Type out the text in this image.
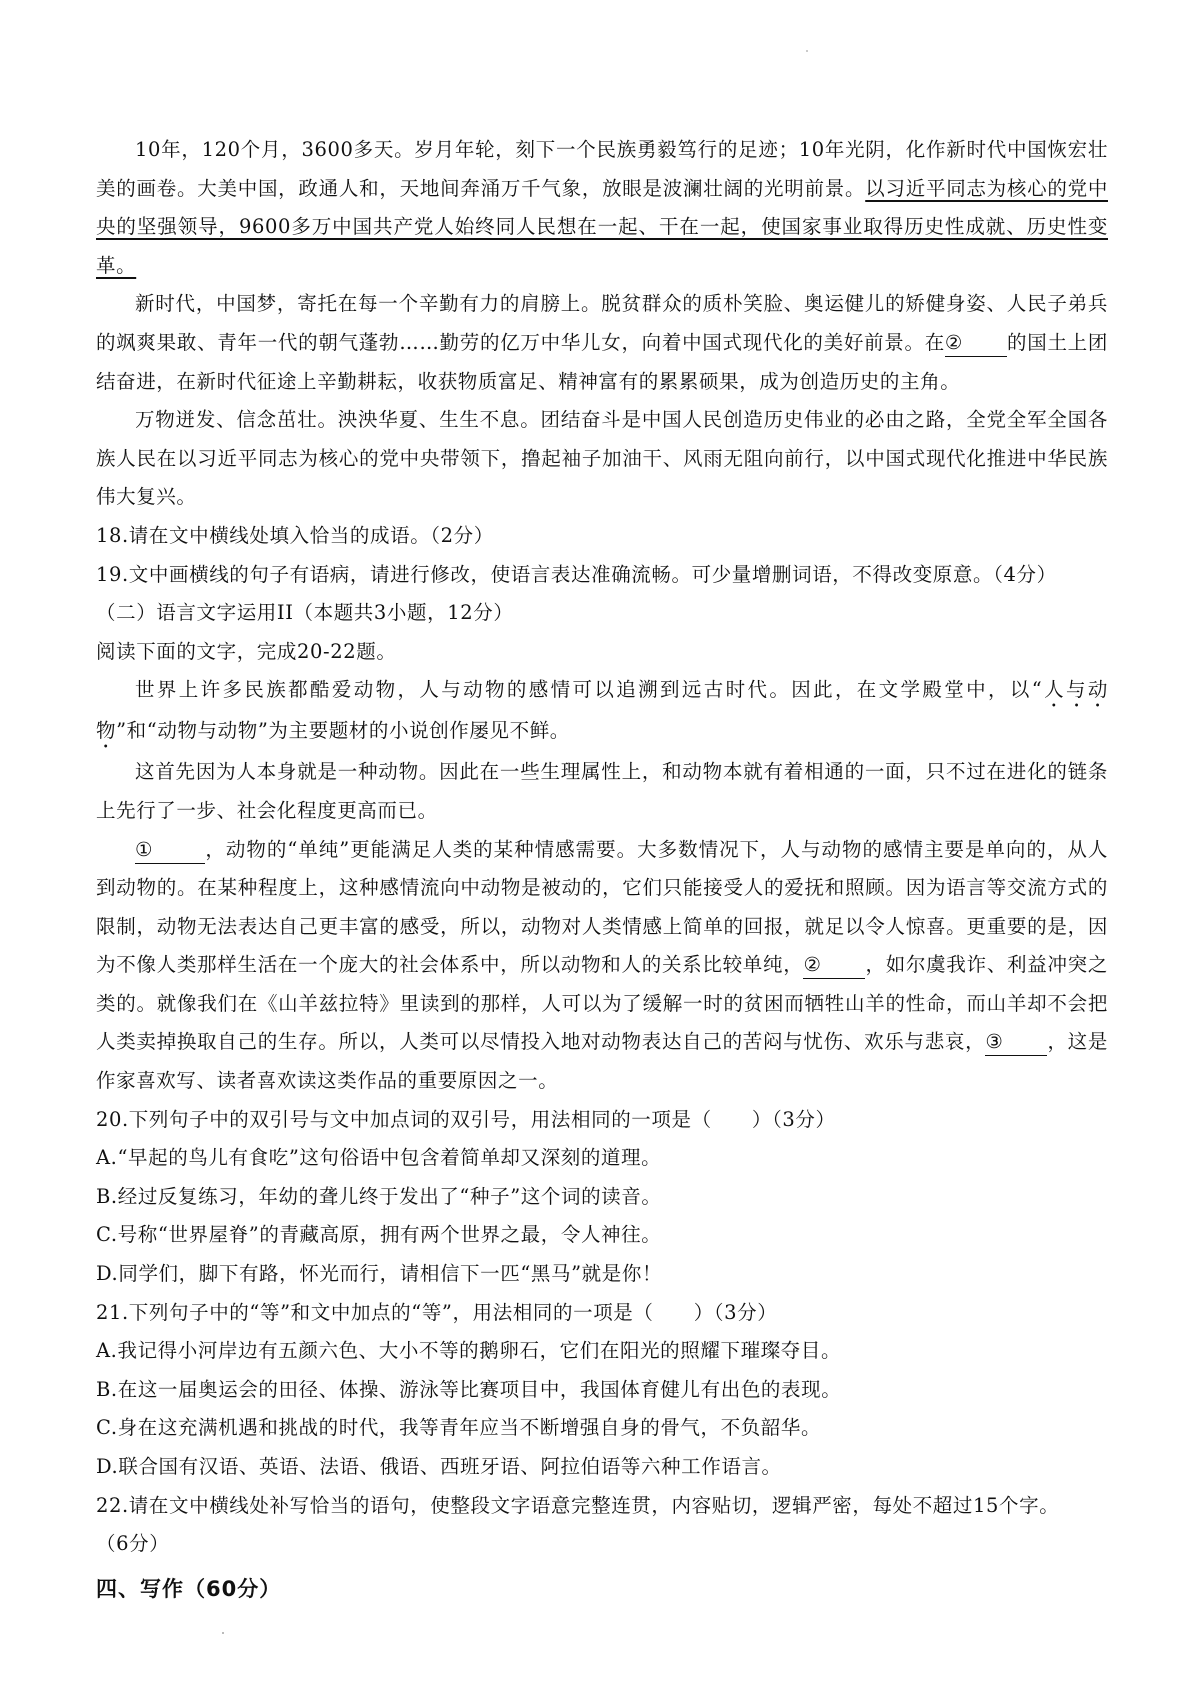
10年，120个月，3600多天。岁月年轮，刻下一个民族勇毅笃行的足迹；10年光阴，化作新时代中国恢宏壮美的画卷。大美中国，政通人和，天地间奔涌万千气象，放眼是波澜壮阔的光明前景。以习近平同志为核心的党中央的坚强领导，9600多万中国共产党人始终同人民想在一起、干在一起，使国家事业取得历史性成就、历史性变革。

新时代，中国梦，寄托在每一个辛勤有力的肩膀上。脱贫群众的质朴笑脸、奥运健儿的矫健身姿、人民子弟兵的飒爽果敢、青年一代的朝气蓬勃……勤劳的亿万中华儿女，向着中国式现代化的美好前景。在② 的国土上团结奋进，在新时代征途上辛勤耕耘，收获物质富足、精神富有的累累硕果，成为创造历史的主角。

万物迸发、信念茁壮。泱泱华夏、生生不息。团结奋斗是中国人民创造历史伟业的必由之路，全党全军全国各族人民在以习近平同志为核心的党中央带领下，撸起袖子加油干、风雨无阻向前行，以中国式现代化推进中华民族伟大复兴。

18.请在文中横线处填入恰当的成语。（2分）

19.文中画横线的句子有语病，请进行修改，使语言表达准确流畅。可少量增删词语，不得改变原意。（4分）

（二）语言文字运用II（本题共3小题，12分）

阅读下面的文字，完成20-22题。

世界上许多民族都酷爱动物，人与动物的感情可以追溯到远古时代。因此，在文学殿堂中，以“人与动物”和“动物与动物”为主要题材的小说创作屡见不鲜。

这首先因为人本身就是一种动物。因此在一些生理属性上，和动物本就有着相通的一面，只不过在进化的链条上先行了一步、社会化程度更高而已。

①	，动物的“单纯”更能满足人类的某种情感需要。大多数情况下，人与动物的感情主要是单向的，从人到动物的。在某种程度上，这种感情流向中动物是被动的，它们只能接受人的爱抚和照顾。因为语言等交流方式的限制，动物无法表达自己更丰富的感受，所以，动物对人类情感上简单的回报，就足以令人惊喜。更重要的是，因为不像人类那样生活在一个庞大的社会体系中，所以动物和人的关系比较单纯，② ，如尔虞我诈、利益冲突之类的。就像我们在《山羊兹拉特》里读到的那样，人可以为了缓解一时的贫困而牺牲山羊的性命，而山羊却不会把人类卖掉换取自己的生存。所以，人类可以尽情投入地对动物表达自己的苦闷与忧伤、欢乐与悲哀，③ ，这是作家喜欢写、读者喜欢读这类作品的重要原因之一。

20.下列句子中的双引号与文中加点词的双引号，用法相同的一项是（　　）（3分）

A.“早起的鸟儿有食吃”这句俗语中包含着简单却又深刻的道理。

B.经过反复练习，年幼的聋儿终于发出了“种子”这个词的读音。

C.号称“世界屋脊”的青藏高原，拥有两个世界之最，令人神往。

D.同学们，脚下有路，怀光而行，请相信下一匹“黑马”就是你！

21.下列句子中的“等”和文中加点的“等”，用法相同的一项是（　　）（3分）

A.我记得小河岸边有五颜六色、大小不等的鹅卵石，它们在阳光的照耀下璀璨夺目。

B.在这一届奥运会的田径、体操、游泳等比赛项目中，我国体育健儿有出色的表现。

C.身在这充满机遇和挑战的时代，我等青年应当不断增强自身的骨气，不负韶华。

D.联合国有汉语、英语、法语、俄语、西班牙语、阿拉伯语等六种工作语言。

22.请在文中横线处补写恰当的语句，使整段文字语意完整连贯，内容贴切，逻辑严密，每处不超过15个字。

（6分）

四、写作（60分）
